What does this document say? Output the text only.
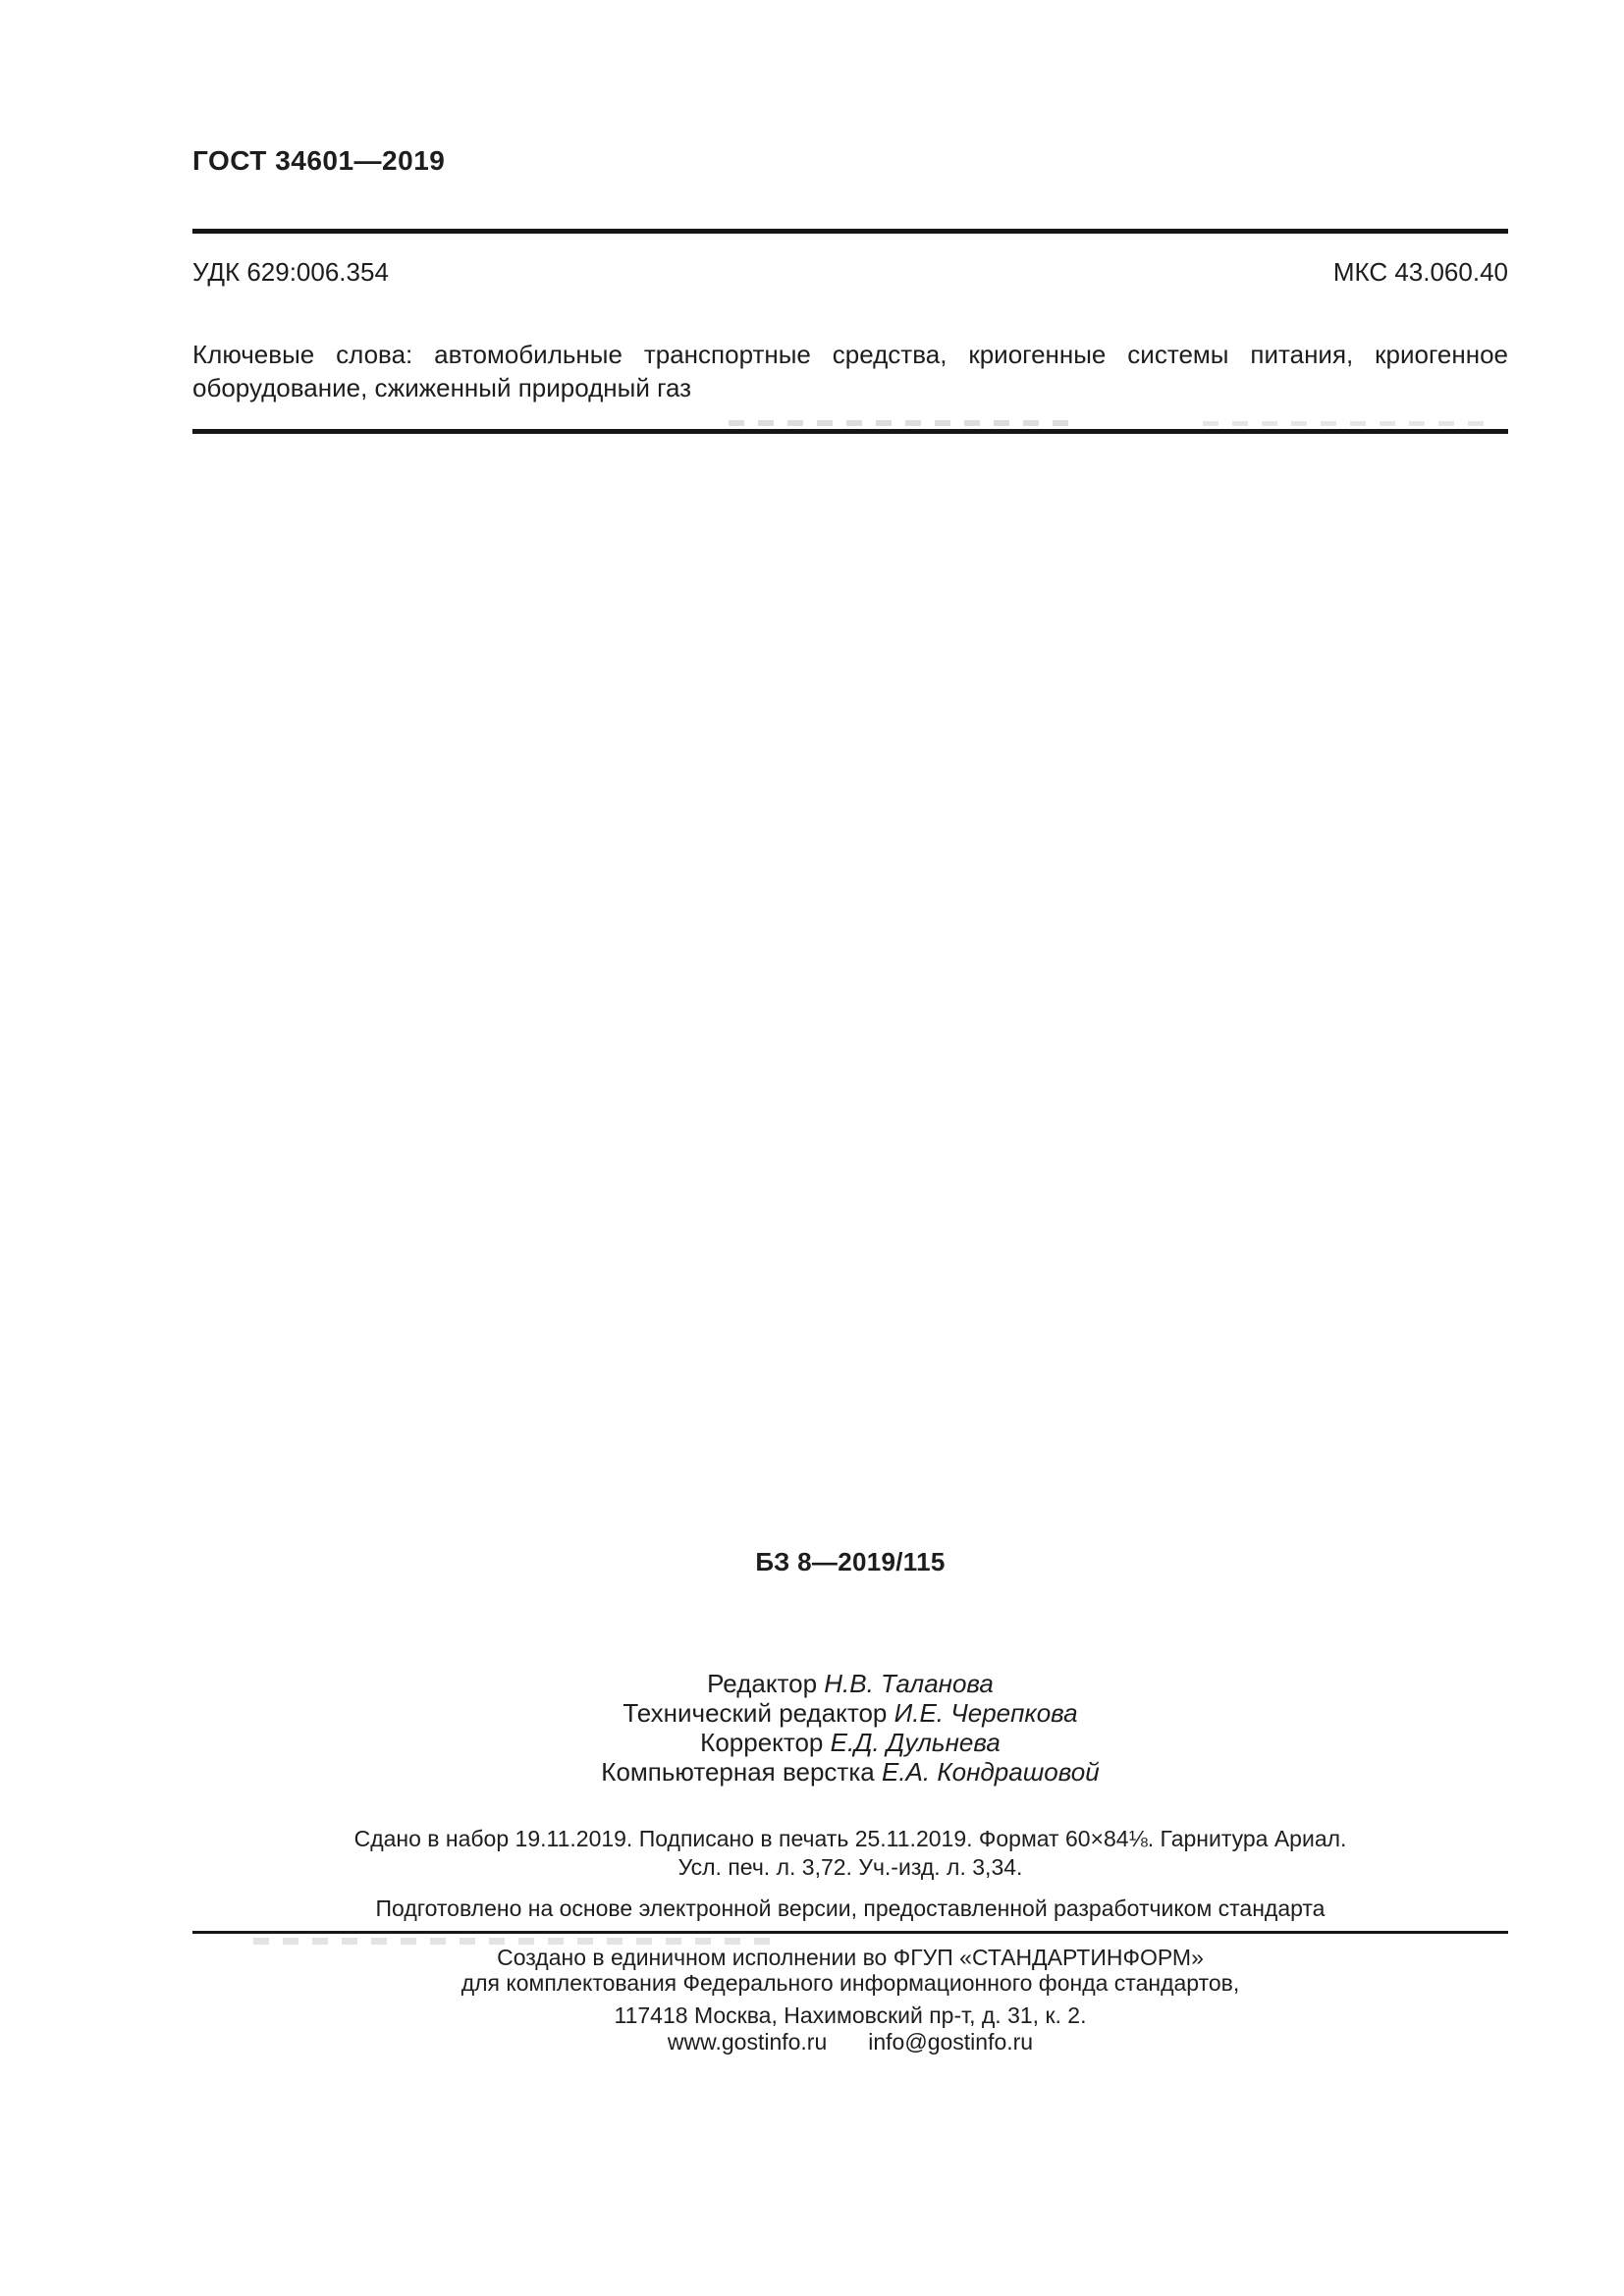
ГОСТ 34601—2019
УДК 629:006.354	МКС 43.060.40
Ключевые слова: автомобильные транспортные средства, криогенные системы питания, криогенное
оборудование, сжиженный природный газ
БЗ 8—2019/115
Редактор Н.В. Таланова
Технический редактор И.Е. Черепкова
Корректор Е.Д. Дульнева
Компьютерная верстка Е.А. Кондрашовой
Сдано в набор 19.11.2019. Подписано в печать 25.11.2019. Формат 60×84⅛. Гарнитура Ариал.
Усл. печ. л. 3,72. Уч.-изд. л. 3,34.
Подготовлено на основе электронной версии, предоставленной разработчиком стандарта
Создано в единичном исполнении во ФГУП «СТАНДАРТИНФОРМ»
для комплектования Федерального информационного фонда стандартов,
117418 Москва, Нахимовский пр-т, д. 31, к. 2.
www.gostinfo.ru info@gostinfo.ru
